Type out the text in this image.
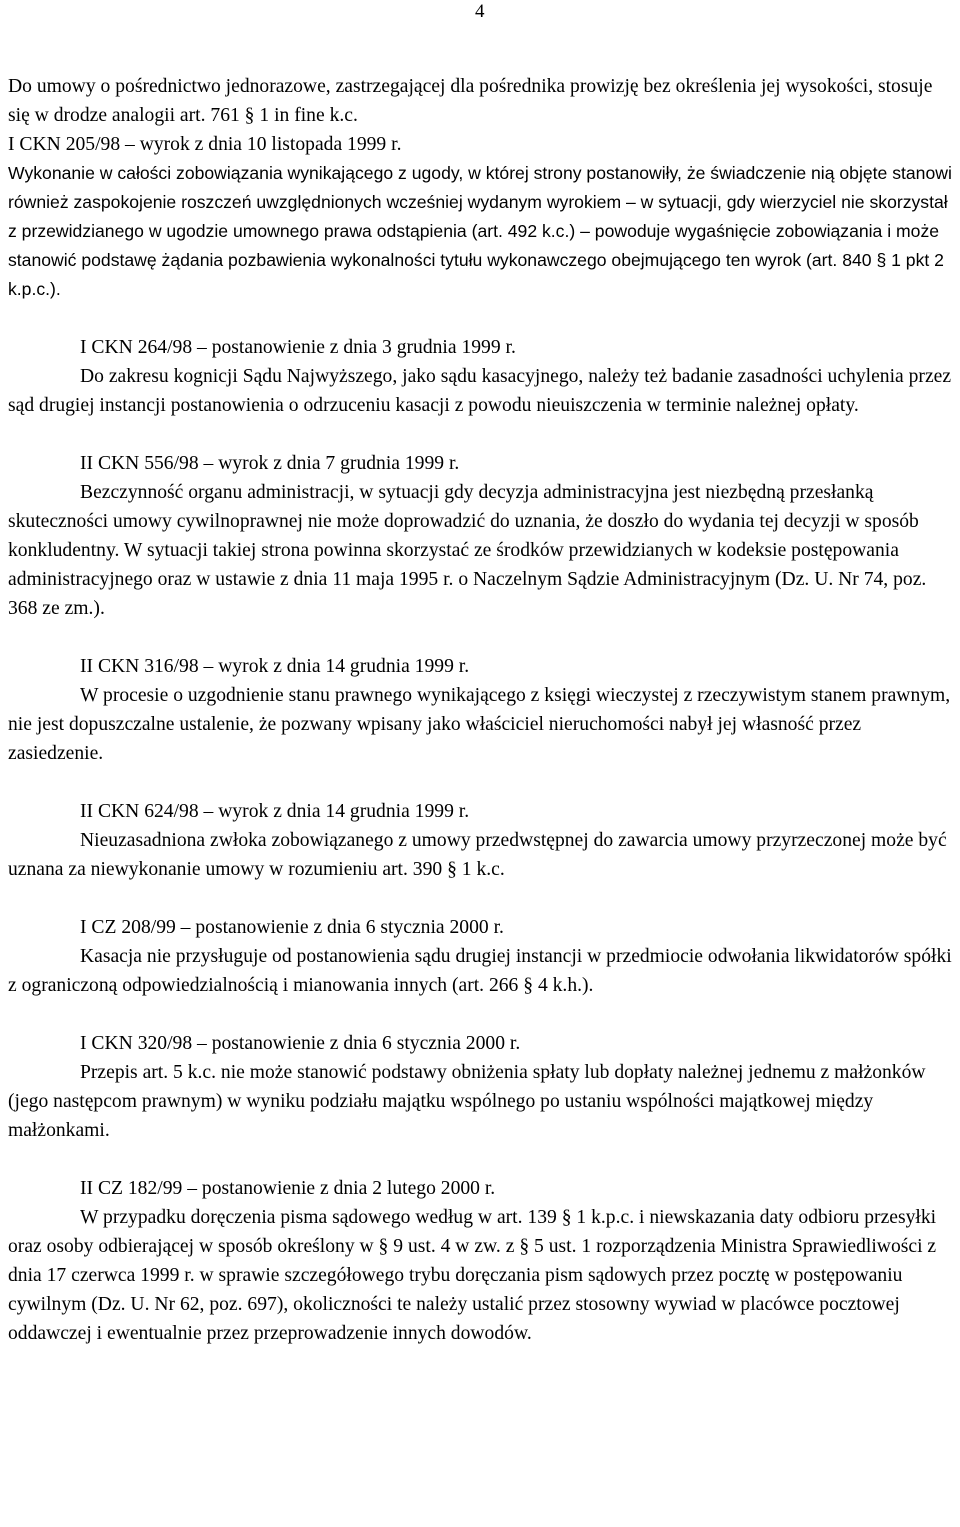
4

Do umowy o pośrednictwo jednorazowe, zastrzegającej dla pośrednika prowizję bez określenia jej wysokości, stosuje się w drodze analogii art. 761 § 1 in fine k.c.

I CKN 205/98 – wyrok z dnia 10 listopada 1999 r.

Wykonanie w całości zobowiązania wynikającego z ugody, w której strony postanowiły, że świadczenie nią objęte stanowi również zaspokojenie roszczeń uwzględnionych wcześniej wydanym wyrokiem – w sytuacji, gdy wierzyciel nie skorzystał z przewidzianego w ugodzie umownego prawa odstąpienia (art. 492 k.c.) – powoduje wygaśnięcie zobowiązania i może stanowić podstawę żądania pozbawienia wykonalności tytułu wykonawczego obejmującego ten wyrok (art. 840 § 1 pkt 2 k.p.c.).

I CKN 264/98 – postanowienie z dnia 3 grudnia 1999 r.

Do zakresu kognicji Sądu Najwyższego, jako sądu kasacyjnego, należy też badanie zasadności uchylenia przez sąd drugiej instancji postanowienia o odrzuceniu kasacji z powodu nieuiszczenia w terminie należnej opłaty.

II CKN 556/98 – wyrok z dnia 7 grudnia 1999 r.

Bezczynność organu administracji, w sytuacji gdy decyzja administracyjna jest niezbędną przesłanką skuteczności umowy cywilnoprawnej nie może doprowadzić do uznania, że doszło do wydania tej decyzji w sposób konkludentny. W sytuacji takiej strona powinna skorzystać ze środków przewidzianych w kodeksie postępowania administracyjnego oraz w ustawie z dnia 11 maja 1995 r. o Naczelnym Sądzie Administracyjnym (Dz. U. Nr 74, poz. 368 ze zm.).

II CKN 316/98 – wyrok z dnia 14 grudnia 1999 r.

W procesie o uzgodnienie stanu prawnego wynikającego z księgi wieczystej z rzeczywistym stanem prawnym, nie jest dopuszczalne ustalenie, że pozwany wpisany jako właściciel nieruchomości nabył jej własność przez zasiedzenie.

II CKN 624/98 – wyrok z dnia 14 grudnia 1999 r.

Nieuzasadniona zwłoka zobowiązanego z umowy przedwstępnej do zawarcia umowy przyrzeczonej może być uznana za niewykonanie umowy w rozumieniu art. 390 § 1 k.c.

I CZ 208/99 – postanowienie z dnia 6 stycznia 2000 r.

Kasacja nie przysługuje od postanowienia sądu drugiej instancji w przedmiocie odwołania likwidatorów spółki z ograniczoną odpowiedzialnością i mianowania innych (art. 266 § 4 k.h.).

I CKN 320/98 – postanowienie z dnia 6 stycznia 2000 r.

Przepis art. 5 k.c. nie może stanowić podstawy obniżenia spłaty lub dopłaty należnej jednemu z małżonków (jego następcom prawnym) w wyniku podziału majątku wspólnego po ustaniu wspólności majątkowej między małżonkami.

II CZ 182/99 – postanowienie z dnia 2 lutego 2000 r.

W przypadku doręczenia pisma sądowego według w art. 139 § 1 k.p.c. i niewskazania daty odbioru przesyłki oraz osoby odbierającej w sposób określony w § 9 ust. 4 w zw. z § 5 ust. 1 rozporządzenia Ministra Sprawiedliwości z dnia 17 czerwca 1999 r. w sprawie szczegółowego trybu doręczania pism sądowych przez pocztę w postępowaniu cywilnym (Dz. U. Nr 62, poz. 697), okoliczności te należy ustalić przez stosowny wywiad w placówce pocztowej oddawczej i ewentualnie przez przeprowadzenie innych dowodów.
